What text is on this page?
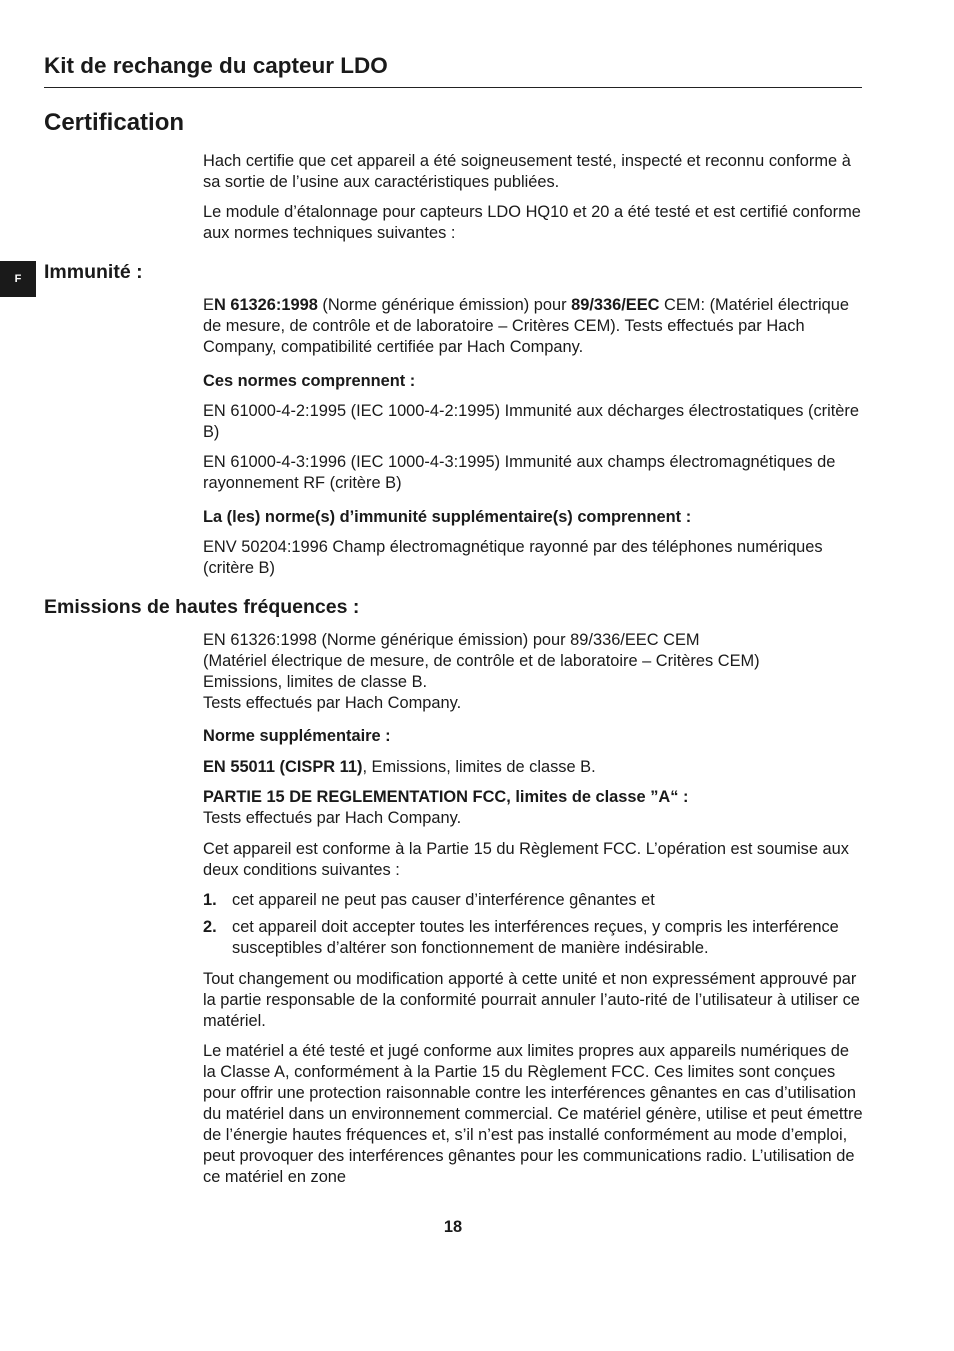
Kit de rechange du capteur LDO
Certification

Hach certifie que cet appareil a été soigneusement testé, inspecté et reconnu conforme à sa sortie de l’usine aux caractéristiques publiées.

Le module d’étalonnage pour capteurs LDO HQ10 et 20 a été testé et est certifié conforme aux normes techniques suivantes :

F	Immunité :

EN 61326:1998 (Norme générique émission) pour 89/336/EEC CEM: (Matériel électrique de mesure, de contrôle et de laboratoire – Critères CEM). Tests effectués par Hach Company, compatibilité certifiée par Hach Company.

Ces normes comprennent :

EN 61000-4-2:1995 (IEC 1000-4-2:1995) Immunité aux décharges électrostatiques (critère B)

EN 61000-4-3:1996 (IEC 1000-4-3:1995) Immunité aux champs électromagnétiques de rayonnement RF (critère B)

La (les) norme(s) d’immunité supplémentaire(s) comprennent :

ENV 50204:1996 Champ électromagnétique rayonné par des téléphones numériques (critère B)

Emissions de hautes fréquences :

EN 61326:1998 (Norme générique émission) pour 89/336/EEC CEM

(Matériel électrique de mesure, de contrôle et de laboratoire – Critères CEM)

Emissions, limites de classe B.

Tests effectués par Hach Company.

Norme supplémentaire :

EN 55011 (CISPR 11), Emissions, limites de classe B.

PARTIE 15 DE REGLEMENTATION FCC, limites de classe ”A“ :

Tests effectués par Hach Company.

Cet appareil est conforme à la Partie 15 du Règlement FCC. L’opération est soumise aux deux conditions suivantes :

1. cet appareil ne peut pas causer d’interférence gênantes et
2. cet appareil doit accepter toutes les interférences reçues, y compris les interférence susceptibles d’altérer son fonctionnement de manière indésirable.

Tout changement ou modification apporté à cette unité et non expressément approuvé par la partie responsable de la conformité pourrait annuler l’auto-rité de l’utilisateur à utiliser ce matériel.

Le matériel a été testé et jugé conforme aux limites propres aux appareils numériques de la Classe A, conformément à la Partie 15 du Règlement FCC. Ces limites sont conçues pour offrir une protection raisonnable contre les interférences gênantes en cas d’utilisation du matériel dans un environnement commercial. Ce matériel génère, utilise et peut émettre de l’énergie hautes fréquences et, s’il n’est pas installé conformément au mode d’emploi, peut provoquer des interférences gênantes pour les communications radio. L’utilisation de ce matériel en zone

18
